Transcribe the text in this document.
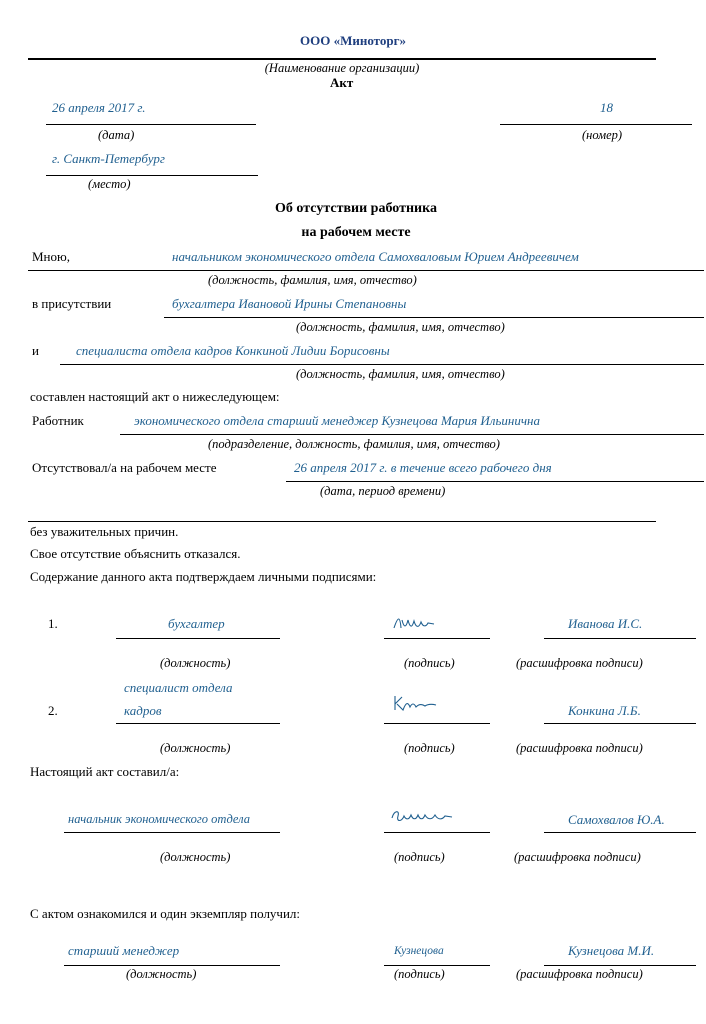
ООО «Миноторг»
(Наименование организации)
Акт
26 апреля 2017 г.
(дата)
18
(номер)
г. Санкт-Петербург
(место)
Об отсутствии работника
на рабочем месте
Мною,	начальником экономического отдела Самохваловым Юрием Андреевичем
(должность, фамилия, имя, отчество)
в присутствии	бухгалтера Ивановой Ирины Степановны
(должность, фамилия, имя, отчество)
и	специалиста отдела кадров Конкиной Лидии Борисовны
(должность, фамилия, имя, отчество)
составлен настоящий акт о нижеследующем:
Работник	экономического отдела старший менеджер Кузнецова Мария Ильинична
(подразделение, должность, фамилия, имя, отчество)
Отсутствовал/а на рабочем месте	26 апреля 2017 г. в течение всего рабочего дня
(дата, период времени)
без уважительных причин.
Свое отсутствие объяснить отказался.
Содержание данного акта подтверждаем личными подписями:
1.	бухгалтер	Иванова И.С.
(должность)	(подпись)	(расшифровка подписи)
специалист отдела
2.	кадров	Конкина Л.Б.
(должность)	(подпись)	(расшифровка подписи)
Настоящий акт составил/а:
начальник экономического отдела	Самохвалов Ю.А.
(должность)	(подпись)	(расшифровка подписи)
С актом ознакомился и один экземпляр получил:
старший менеджер	Кузнецова	Кузнецова М.И.
(должность)	(подпись)	(расшифровка подписи)
